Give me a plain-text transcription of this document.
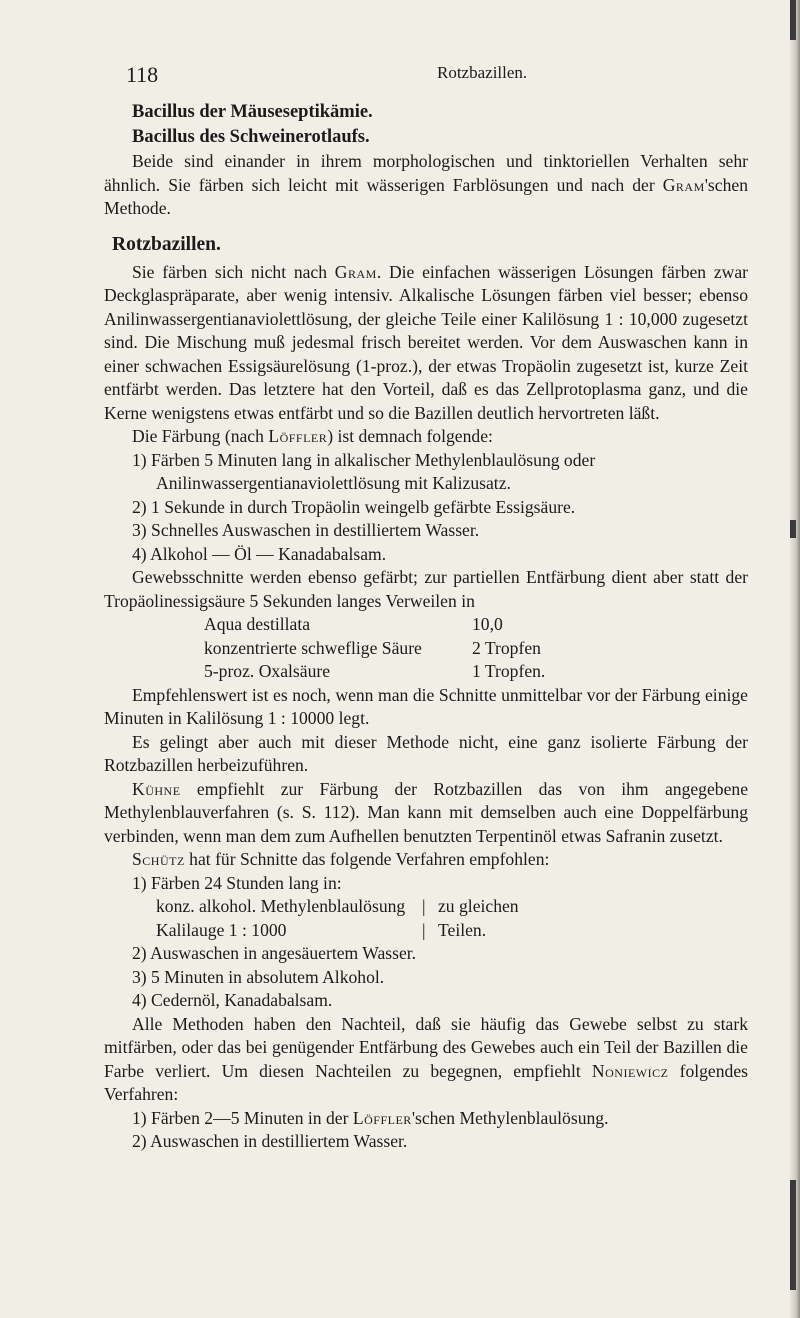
118	Rotzbazillen.
Bacillus der Mäuseseptikämie.
Bacillus des Schweinerotlaufs.

Beide sind einander in ihrem morphologischen und tinktoriellen Verhalten sehr ähnlich. Sie färben sich leicht mit wässerigen Farblösungen und nach der Gram'schen Methode.

Rotzbazillen.

Sie färben sich nicht nach Gram. Die einfachen wässerigen Lösungen färben zwar Deckglaspräparate, aber wenig intensiv. Alkalische Lösungen färben viel besser; ebenso Anilinwassergentianaviolettlösung, der gleiche Teile einer Kalilösung 1 : 10,000 zugesetzt sind. Die Mischung muß jedesmal frisch bereitet werden. Vor dem Auswaschen kann in einer schwachen Essigsäurelösung (1-proz.), der etwas Tropäolin zugesetzt ist, kurze Zeit entfärbt werden. Das letztere hat den Vorteil, daß es das Zellprotoplasma ganz, und die Kerne wenigstens etwas entfärbt und so die Bazillen deutlich hervortreten läßt.

Die Färbung (nach Löffler) ist demnach folgende:

1) Färben 5 Minuten lang in alkalischer Methylenblaulösung oder Anilinwassergentianaviolettlösung mit Kalizusatz.
2) 1 Sekunde in durch Tropäolin weingelb gefärbte Essigsäure.
3) Schnelles Auswaschen in destilliertem Wasser.
4) Alkohol — Öl — Kanadabalsam.

Gewebsschnitte werden ebenso gefärbt; zur partiellen Entfärbung dient aber statt der Tropäolinessigsäure 5 Sekunden langes Verweilen in

Aqua destillata	10,0
konzentrierte schwefligе Säure	2 Tropfen
5-proz. Oxalsäure	1 Tropfen.

Empfehlenswert ist es noch, wenn man die Schnitte unmittelbar vor der Färbung einige Minuten in Kalilösung 1 : 10000 legt.

Es gelingt aber auch mit dieser Methode nicht, eine ganz isolierte Färbung der Rotzbazillen herbeizuführen.

Kühne empfiehlt zur Färbung der Rotzbazillen das von ihm angegebene Methylenblauverfahren (s. S. 112). Man kann mit demselben auch eine Doppelfärbung verbinden, wenn man dem zum Aufhellen benutzten Terpentinöl etwas Safranin zusetzt.

Schütz hat für Schnitte das folgende Verfahren empfohlen:

1) Färben 24 Stunden lang in:
konz. alkohol. Methylenblaulösung | zu gleichen
Kalilauge 1 : 1000	| Teilen.
2) Auswaschen in angesäuertem Wasser.
3) 5 Minuten in absolutem Alkohol.
4) Cedernöl, Kanadabalsam.

Alle Methoden haben den Nachteil, daß sie häufig das Gewebe selbst zu stark mitfärben, oder das bei genügender Entfärbung des Gewebes auch ein Teil der Bazillen die Farbe verliert. Um diesen Nachteilen zu begegnen, empfiehlt Noniewicz folgendes Verfahren:

1) Färben 2—5 Minuten in der Löffler'schen Methylenblaulösung.
2) Auswaschen in destilliertem Wasser.
